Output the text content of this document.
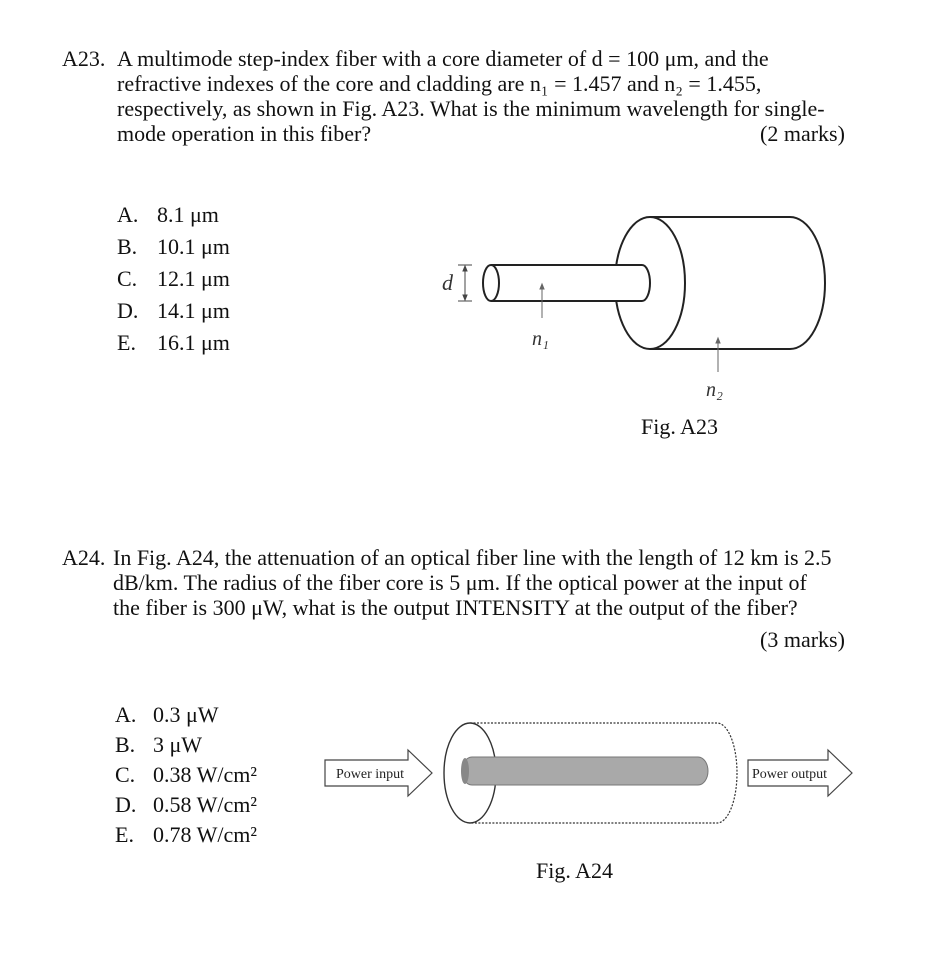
A23. A multimode step-index fiber with a core diameter of d = 100 μm, and the
refractive indexes of the core and cladding are n₁ = 1.457 and n₂ = 1.455,
respectively, as shown in Fig. A23. What is the minimum wavelength for single-
mode operation in this fiber?	(2 marks)
A. 8.1 μm
B. 10.1 μm
C. 12.1 μm
D. 14.1 μm
E. 16.1 μm
d
n₁
n₂
Fig. A23
A24. In Fig. A24, the attenuation of an optical fiber line with the length of 12 km is 2.5
dB/km. The radius of the fiber core is 5 μm. If the optical power at the input of
the fiber is 300 μW, what is the output INTENSITY at the output of the fiber?
(3 marks)
A. 0.3 μW
B. 3 μW
C. 0.38 W/cm²
D. 0.58 W/cm²
E. 0.78 W/cm²
Power input	Power output
Fig. A24
